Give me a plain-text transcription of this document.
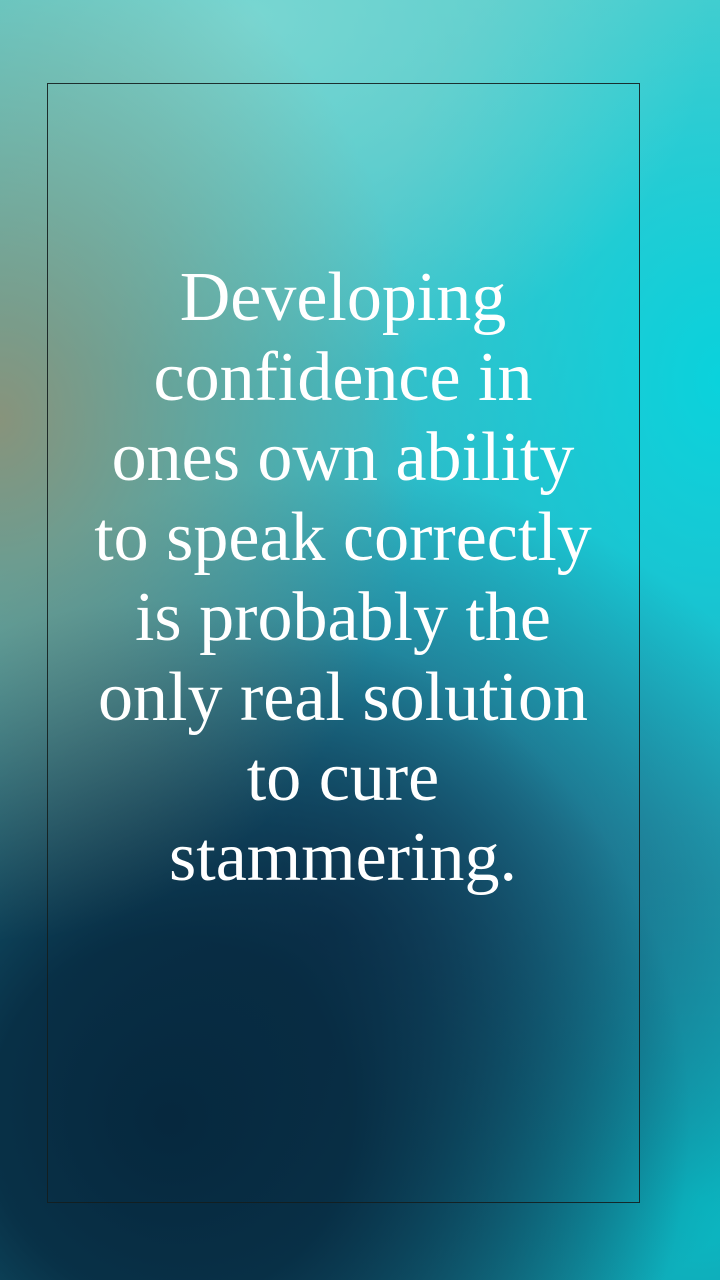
Developing
confidence in
ones own ability
to speak correctly
is probably the
only real solution
to cure
stammering.
